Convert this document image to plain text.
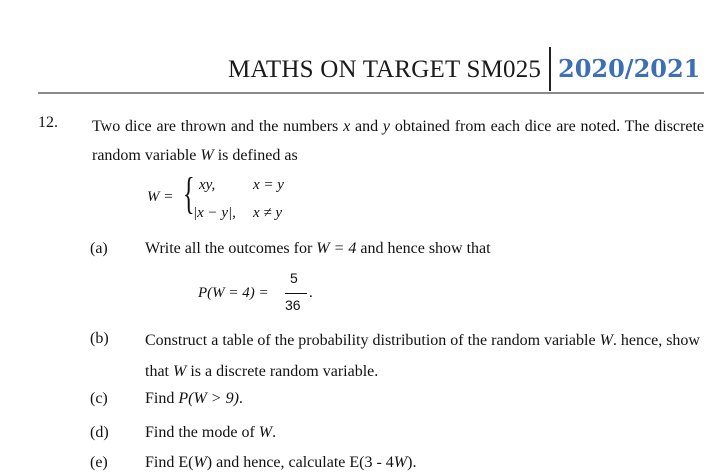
MATHS ON TARGET SM025 2020/2021
12. Two dice are thrown and the numbers x and y obtained from each dice are noted. The discrete random variable W is defined as
W = { xy,	x = y
|x − y|, x ≠ y
(a) Write all the outcomes for W = 4 and hence show that
P(W = 4) =
5
36
.
(b) Construct a table of the probability distribution of the random variable W. hence, show that W is a discrete random variable.
(c) Find P(W > 9).
(d) Find the mode of W.
(e) Find E(W) and hence, calculate E(3 - 4W).
